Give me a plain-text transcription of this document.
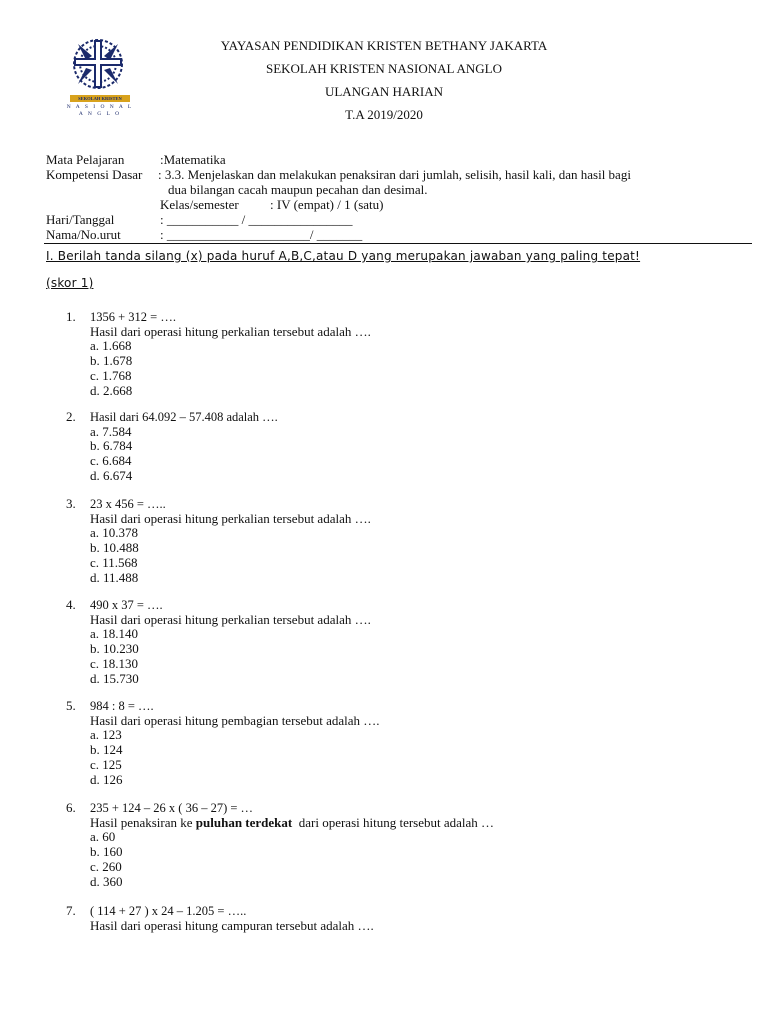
SEKOLAH KRISTEN
N A S I O N A L
A N G L O
YAYASAN PENDIDIKAN KRISTEN BETHANY JAKARTA
SEKOLAH KRISTEN NASIONAL ANGLO
ULANGAN HARIAN
T.A 2019/2020
Mata Pelajaran	:Matematika
Kompetensi Dasar : 3.3. Menjelaskan dan melakukan penaksiran dari jumlah, selisih, hasil kali, dan hasil bagi
dua bilangan cacah maupun pecahan dan desimal.
Kelas/semester : IV (empat) / 1 (satu)
Hari/Tanggal	: ___________ / ________________
Nama/No.urut	: ______________________/ _______
I. Berilah tanda silang (x) pada huruf A,B,C,atau D yang merupakan jawaban yang paling tepat!
(skor 1)
1. 1356 + 312 = ….
Hasil dari operasi hitung perkalian tersebut adalah ….
a. 1.668
b. 1.678
c. 1.768
d. 2.668
2. Hasil dari 64.092 – 57.408 adalah ….
a. 7.584
b. 6.784
c. 6.684
d. 6.674
3. 23 x 456 = …..
Hasil dari operasi hitung perkalian tersebut adalah ….
a. 10.378
b. 10.488
c. 11.568
d. 11.488
4. 490 x 37 = ….
Hasil dari operasi hitung perkalian tersebut adalah ….
a. 18.140
b. 10.230
c. 18.130
d. 15.730
5. 984 : 8 = ….
Hasil dari operasi hitung pembagian tersebut adalah ….
a. 123
b. 124
c. 125
d. 126
6. 235 + 124 – 26 x ( 36 – 27) = …
Hasil penaksiran ke puluhan terdekat  dari operasi hitung tersebut adalah …
a. 60
b. 160
c. 260
d. 360
7. ( 114 + 27 ) x 24 – 1.205 = …..
Hasil dari operasi hitung campuran tersebut adalah ….
